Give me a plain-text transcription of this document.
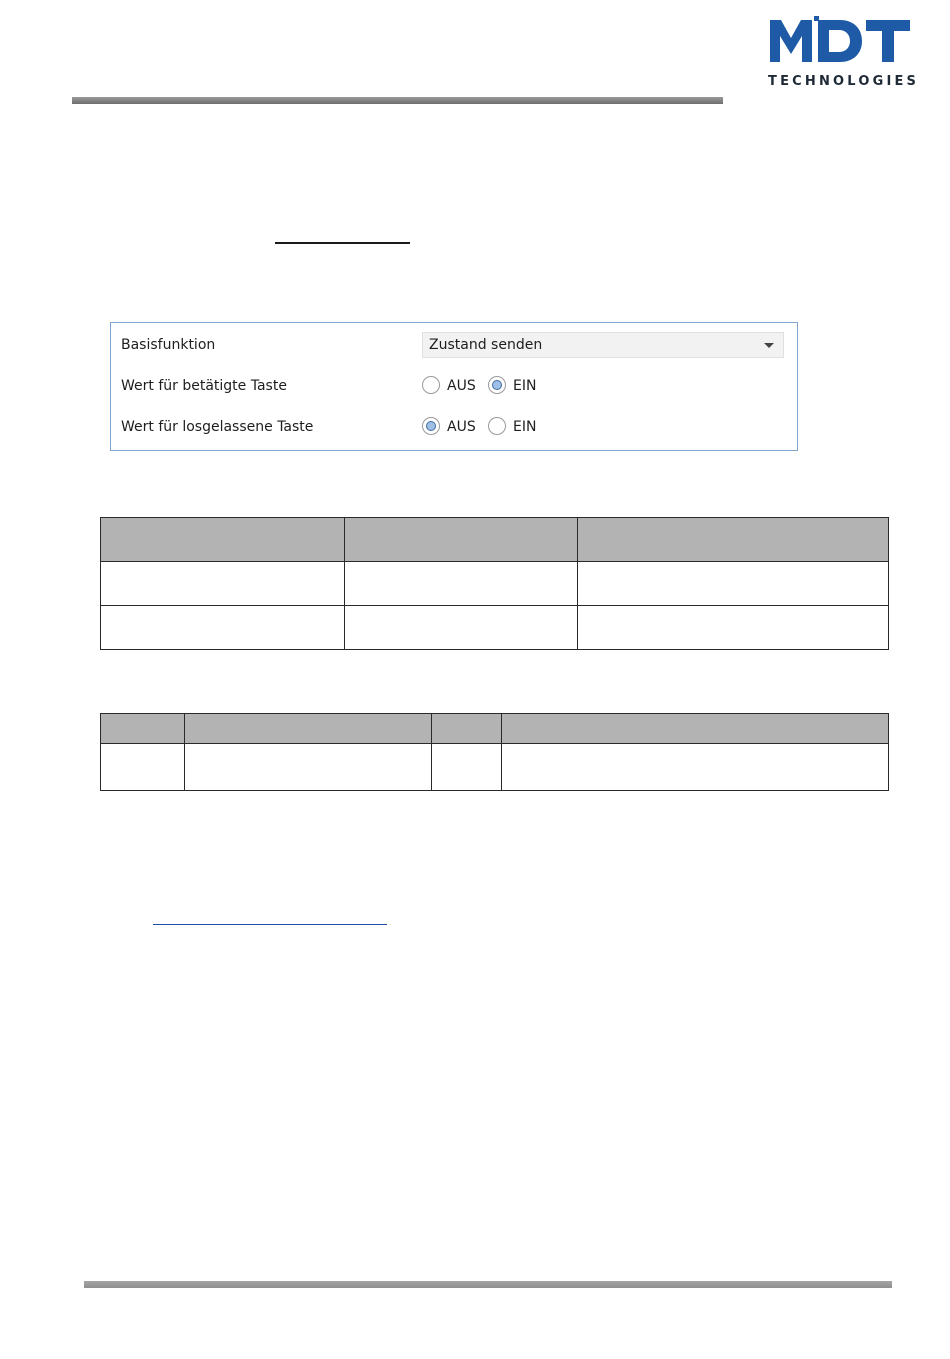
TECHNOLOGIES
Basisfunktion	Zustand senden
Wert für betätigte Taste	AUS	EIN
Wert für losgelassene Taste	AUS	EIN
